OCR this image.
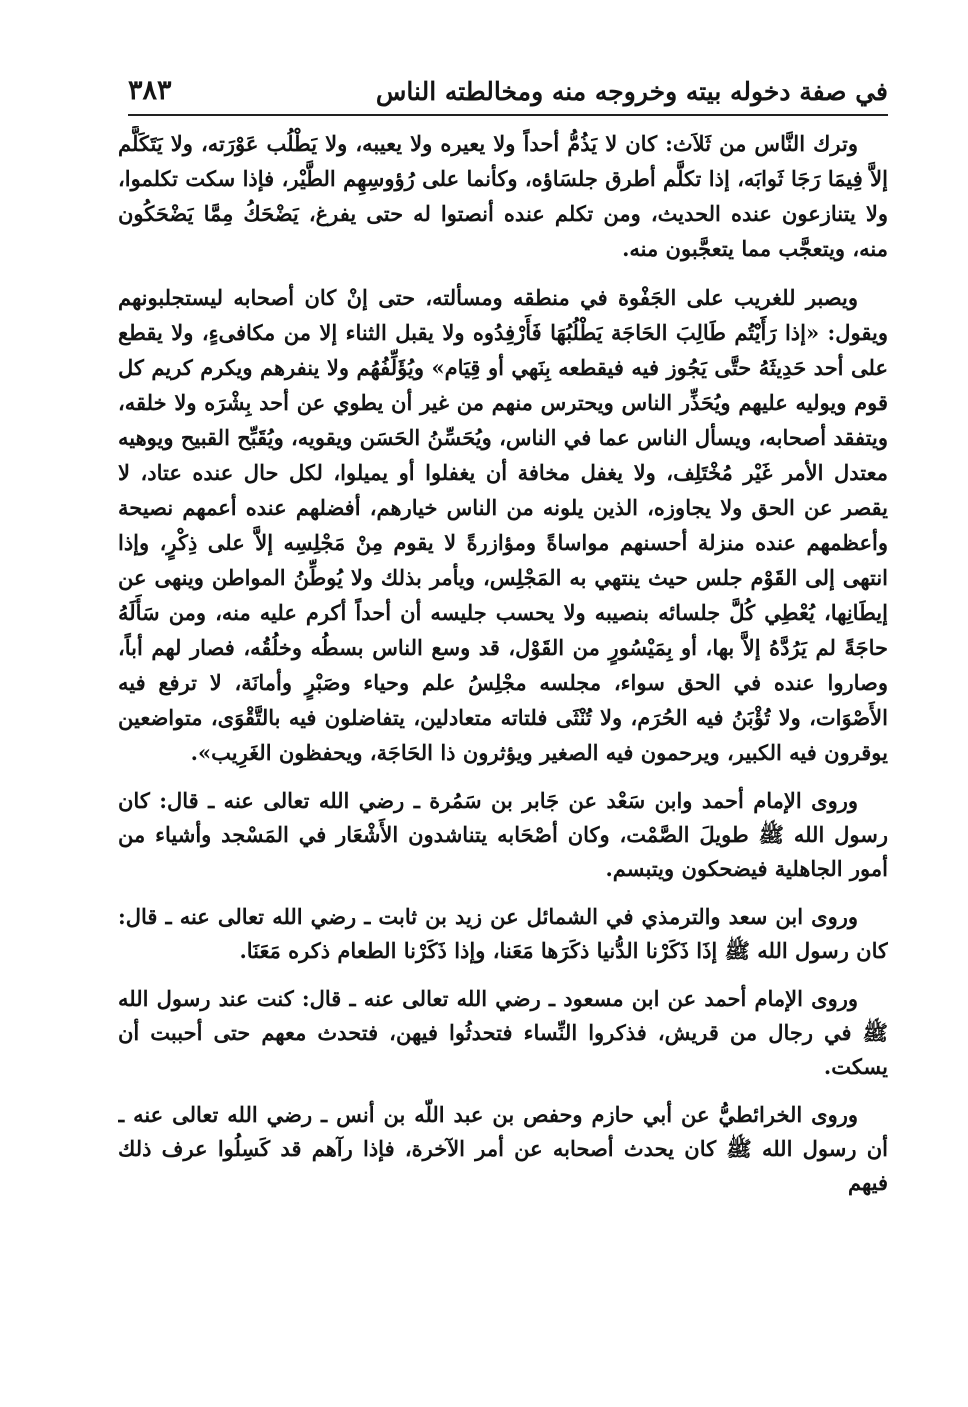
في صفة دخوله بيته وخروجه منه ومخالطته الناس
٣٨٣

وترك النَّاس من ثَلاَث: كان لا يَذُمُّ أحداً ولا يعيره ولا يعيبه، ولا يَطْلُب عَوْرَته، ولا يَتَكَلَّم إلاَّ فِيمَا رَجَا ثَوابَه، إذا تكلَّم أطرق جلسَاؤه، وكأنما على رُؤوسِهِم الطَّيْر، فإذا سكت تكلموا، ولا يتنازعون عنده الحديث، ومن تكلم عنده أنصتوا له حتى يفرغ، يَضْحَكُ مِمَّا يَضْحَكُون منه، ويتعجَّب مما يتعجَّبون منه.

ويصبر للغريب على الجَفْوة في منطقه ومسألته، حتى إنْ كان أصحابه ليستجلبونهم ويقول: «إذا رَأَيْتُم طَالِبَ الحَاجَة يَطْلُبُهَا فَأَرْفِدُوه ولا يقبل الثناء إلا من مكافىءٍ، ولا يقطع على أحد حَدِيثَهُ حتَّى يَجُوز فيه فيقطعه بِنَهي أو قِيَام» ويُؤَلِّفُهُم ولا ينفرهم ويكرم كريم كل قوم ويوليه عليهم ويُحَذِّر الناس ويحترس منهم من غير أن يطوي عن أحد بِشْرَه ولا خلقه، ويتفقد أصحابه، ويسأل الناس عما في الناس، ويُحَسِّنُ الحَسَن ويقويه، ويُقَبِّح القبيح ويوهيه معتدل الأمر غَيْر مُخْتَلِف، ولا يغفل مخافة أن يغفلوا أو يميلوا، لكل حال عنده عتاد، لا يقصر عن الحق ولا يجاوزه، الذين يلونه من الناس خيارهم، أفضلهم عنده أعمهم نصيحة وأعظمهم عنده منزلة أحسنهم مواساةً ومؤازرةً لا يقوم مِنْ مَجْلِسِه إلاَّ على ذِكْرٍ، وإذا انتهى إلى القَوْم جلس حيث ينتهي به المَجْلِس، ويأمر بذلك ولا يُوطِّنُ المواطن وينهى عن إيطَانِها، يُعْطِي كُلَّ جلسائه بنصيبه ولا يحسب جليسه أن أحداً أكرم عليه منه، ومن سَأَلَهُ حاجَةً لم يَرُدَّهُ إلاَّ بها، أو بِمَيْسُورٍ من القَوْل، قد وسع الناس بسطُه وخلُقُه، فصار لهم أباً، وصاروا عنده في الحق سواء، مجلسه مجْلِسُ علم وحياء وصَبْرٍ وأمانَة، لا ترفع فيه الأَصْوَات، ولا تُؤْبَنُ فيه الحُرَم، ولا تُنْثَى فلتاته متعادلين، يتفاضلون فيه بالتَّقْوَى، متواضعين يوقرون فيه الكبير، ويرحمون فيه الصغير ويؤثرون ذا الحَاجَة، ويحفظون الغَرِيب».

وروى الإمام أحمد وابن سَعْد عن جَابر بن سَمُرة ـ رضي الله تعالى عنه ـ قال: كان رسول الله ﷺ طويلَ الصَّمْت، وكان أصْحَابه يتناشدون الأَشْعَار في المَسْجد وأشياء من أمور الجاهلية فيضحكون ويتبسم.

وروى ابن سعد والترمذي في الشمائل عن زيد بن ثابت ـ رضي الله تعالى عنه ـ قال: كان رسول الله ﷺ إذَا ذَكَرْنا الدُّنيا ذكَرَها مَعَنا، وإذا ذَكَرْنا الطعام ذكره مَعَنَا.

وروى الإمام أحمد عن ابن مسعود ـ رضي الله تعالى عنه ـ قال: كنت عند رسول الله ﷺ في رجال من قريش، فذكروا النِّساء فتحدثُوا فيهن، فتحدث معهم حتى أحببت أن يسكت.

وروى الخرائطيُّ عن أبي حازم وحفص بن عبد اللّه بن أنس ـ رضي الله تعالى عنه ـ أن رسول الله ﷺ كان يحدث أصحابه عن أمر الآخرة، فإذا رآهم قد كَسِلُوا عرف ذلك فيهم
